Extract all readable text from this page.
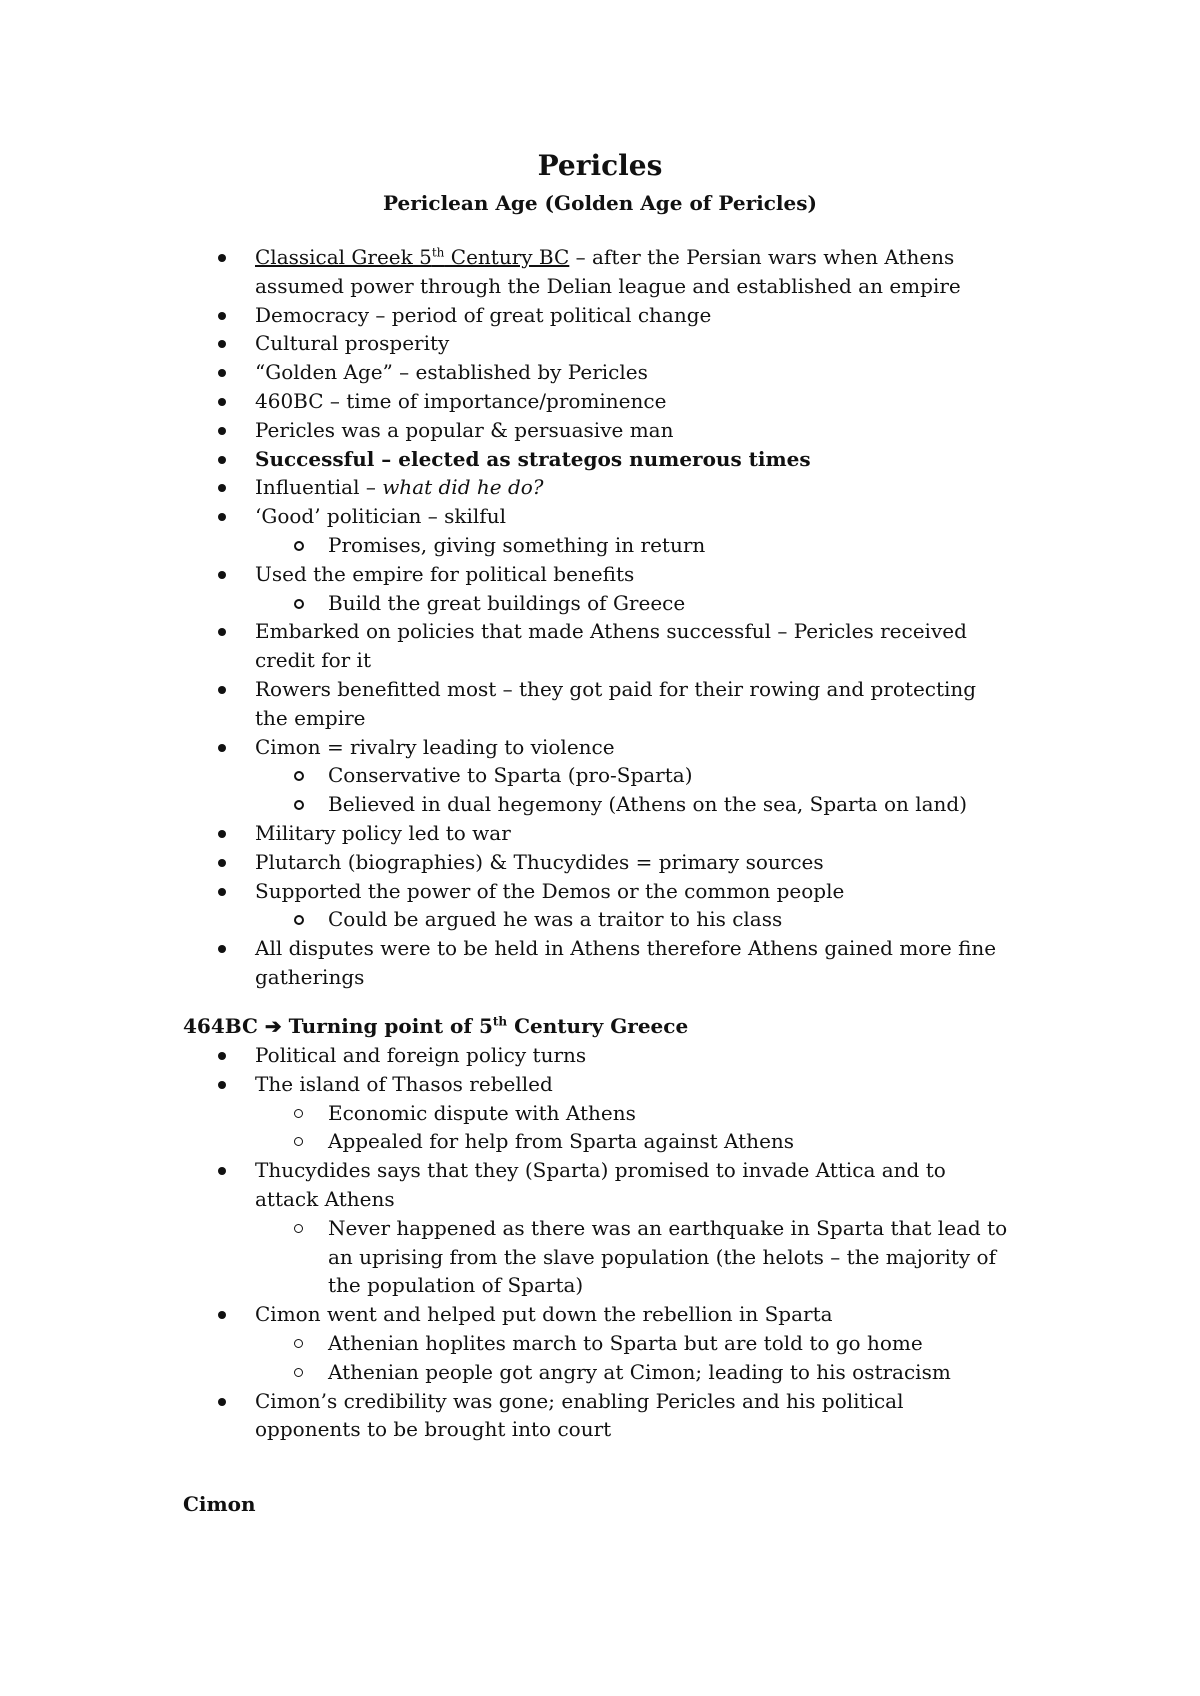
Pericles
Periclean Age (Golden Age of Pericles)
Classical Greek 5th Century BC – after the Persian wars when Athens assumed power through the Delian league and established an empire
Democracy – period of great political change
Cultural prosperity
“Golden Age” – established by Pericles
460BC – time of importance/prominence
Pericles was a popular & persuasive man
Successful – elected as strategos numerous times
Influential – what did he do?
‘Good’ politician – skilful
Promises, giving something in return
Used the empire for political benefits
Build the great buildings of Greece
Embarked on policies that made Athens successful – Pericles received credit for it
Rowers benefitted most – they got paid for their rowing and protecting the empire
Cimon = rivalry leading to violence
Conservative to Sparta (pro-Sparta)
Believed in dual hegemony (Athens on the sea, Sparta on land)
Military policy led to war
Plutarch (biographies) & Thucydides = primary sources
Supported the power of the Demos or the common people
Could be argued he was a traitor to his class
All disputes were to be held in Athens therefore Athens gained more fine gatherings
464BC ➔ Turning point of 5th Century Greece
Political and foreign policy turns
The island of Thasos rebelled
Economic dispute with Athens
Appealed for help from Sparta against Athens
Thucydides says that they (Sparta) promised to invade Attica and to attack Athens
Never happened as there was an earthquake in Sparta that lead to an uprising from the slave population (the helots – the majority of the population of Sparta)
Cimon went and helped put down the rebellion in Sparta
Athenian hoplites march to Sparta but are told to go home
Athenian people got angry at Cimon; leading to his ostracism
Cimon’s credibility was gone; enabling Pericles and his political opponents to be brought into court
Cimon
